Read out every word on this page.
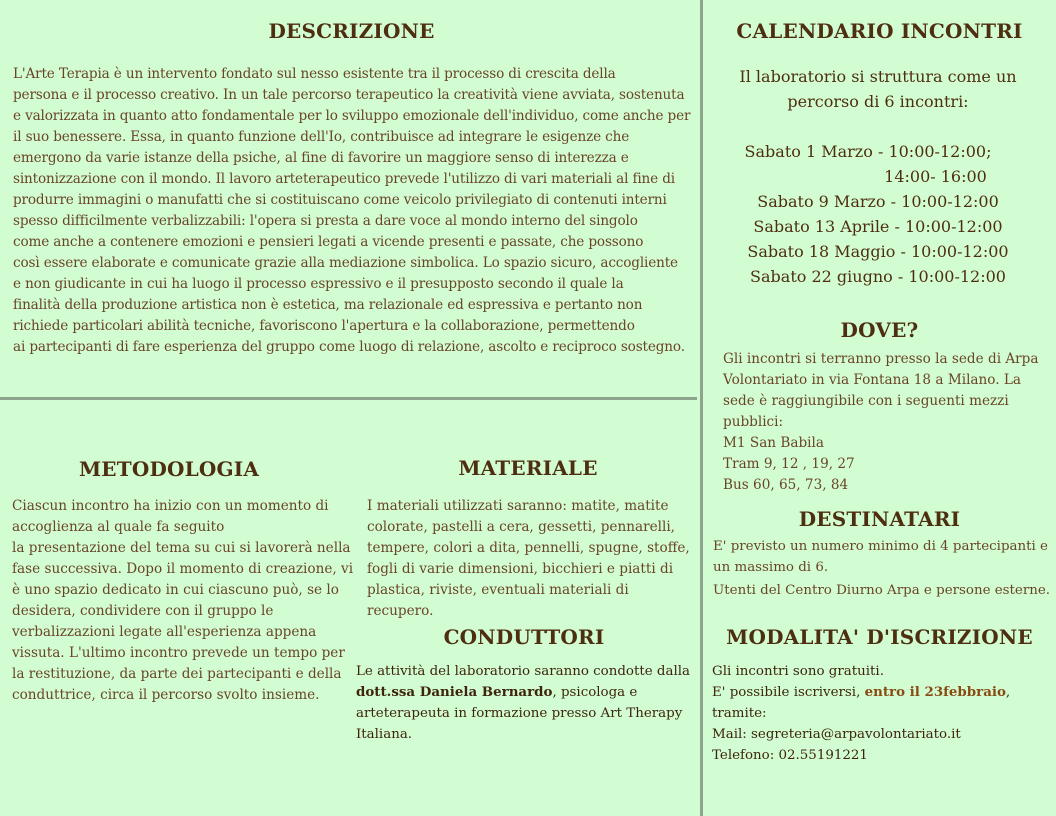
DESCRIZIONE
L'Arte Terapia è un intervento fondato sul nesso esistente tra il processo di crescita della
persona e il processo creativo. In un tale percorso terapeutico la creatività viene avviata, sostenuta
e valorizzata in quanto atto fondamentale per lo sviluppo emozionale dell'individuo, come anche per
il suo benessere. Essa, in quanto funzione dell'Io, contribuisce ad integrare le esigenze che
emergono da varie istanze della psiche, al fine di favorire un maggiore senso di interezza e
sintonizzazione con il mondo. Il lavoro arteterapeutico prevede l'utilizzo di vari materiali al fine di
produrre immagini o manufatti che si costituiscano come veicolo privilegiato di contenuti interni
spesso difficilmente verbalizzabili: l'opera si presta a dare voce al mondo interno del singolo
come anche a contenere emozioni e pensieri legati a vicende presenti e passate, che possono
così essere elaborate e comunicate grazie alla mediazione simbolica. Lo spazio sicuro, accogliente
e non giudicante in cui ha luogo il processo espressivo e il presupposto secondo il quale la
finalità della produzione artistica non è estetica, ma relazionale ed espressiva e pertanto non
richiede particolari abilità tecniche, favoriscono l'apertura e la collaborazione, permettendo
ai partecipanti di fare esperienza del gruppo come luogo di relazione, ascolto e reciproco sostegno.
METODOLOGIA
Ciascun incontro ha inizio con un momento di
accoglienza al quale fa seguito
la presentazione del tema su cui si lavorerà nella
fase successiva. Dopo il momento di creazione, vi
è uno spazio dedicato in cui ciascuno può, se lo
desidera, condividere con il gruppo le
verbalizzazioni legate all'esperienza appena
vissuta. L'ultimo incontro prevede un tempo per
la restituzione, da parte dei partecipanti e della
conduttrice, circa il percorso svolto insieme.
MATERIALE
I materiali utilizzati saranno: matite, matite
colorate, pastelli a cera, gessetti, pennarelli,
tempere, colori a dita, pennelli, spugne, stoffe,
fogli di varie dimensioni, bicchieri e piatti di
plastica, riviste, eventuali materiali di
recupero.
CONDUTTORI
Le attività del laboratorio saranno condotte dalla
dott.ssa Daniela Bernardo, psicologa e
arteterapeuta in formazione presso Art Therapy
Italiana.
CALENDARIO INCONTRI
Il laboratorio si struttura come un
percorso di 6 incontri:
Sabato 1 Marzo - 10:00-12:00;
14:00- 16:00
Sabato 9 Marzo - 10:00-12:00
Sabato 13 Aprile - 10:00-12:00
Sabato 18 Maggio - 10:00-12:00
Sabato 22 giugno - 10:00-12:00
DOVE?
Gli incontri si terranno presso la sede di Arpa
Volontariato in via Fontana 18 a Milano. La
sede è raggiungibile con i seguenti mezzi
pubblici:
M1 San Babila
Tram 9, 12 , 19, 27
Bus 60, 65, 73, 84
DESTINATARI
E' previsto un numero minimo di 4 partecipanti e
un massimo di 6.
Utenti del Centro Diurno Arpa e persone esterne.
MODALITA' D'ISCRIZIONE
Gli incontri sono gratuiti.
E' possibile iscriversi, entro il 23febbraio,
tramite:
Mail: segreteria@arpavolontariato.it
Telefono: 02.55191221
